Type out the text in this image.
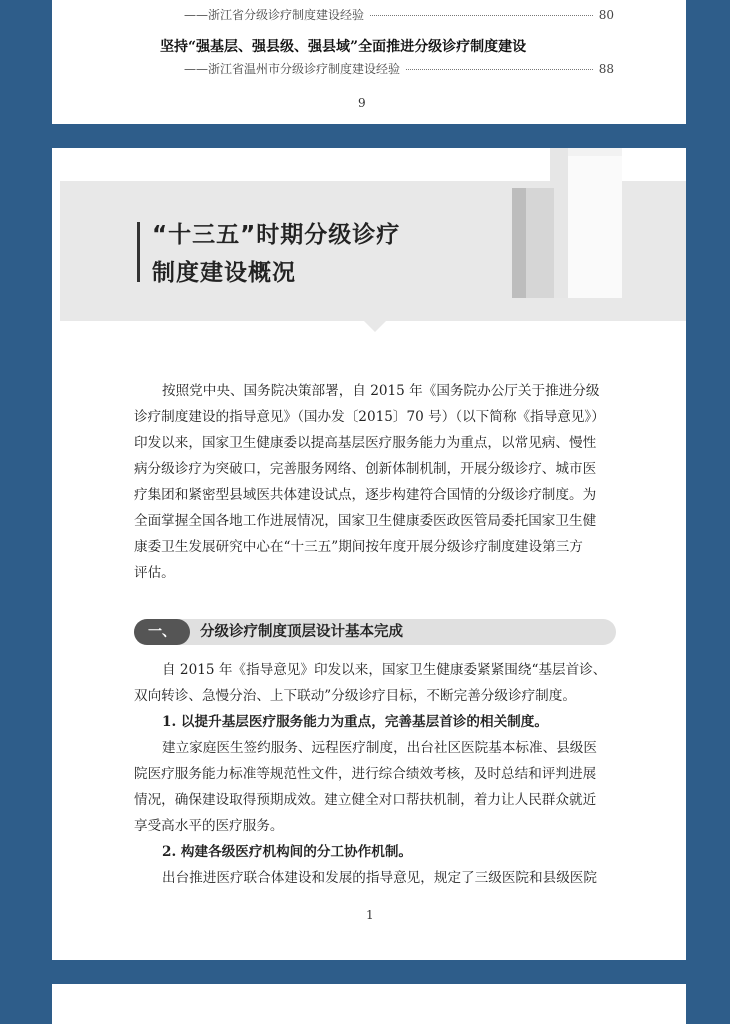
——浙江省分级诊疗制度建设经验	80
坚持“强基层、强县级、强县域”全面推进分级诊疗制度建设
——浙江省温州市分级诊疗制度建设经验	88
9
“十三五”时期分级诊疗
制度建设概况
按照党中央、国务院决策部署，自 2015 年《国务院办公厅关于推进分级
诊疗制度建设的指导意见》（国办发〔2015〕70 号）（以下简称《指导意见》）
印发以来，国家卫生健康委以提高基层医疗服务能力为重点，以常见病、慢性
病分级诊疗为突破口，完善服务网络、创新体制机制，开展分级诊疗、城市医
疗集团和紧密型县域医共体建设试点，逐步构建符合国情的分级诊疗制度。为
全面掌握全国各地工作进展情况，国家卫生健康委医政医管局委托国家卫生健
康委卫生发展研究中心在“十三五”期间按年度开展分级诊疗制度建设第三方
评估。
一、	分级诊疗制度顶层设计基本完成
自 2015 年《指导意见》印发以来，国家卫生健康委紧紧围绕“基层首诊、
双向转诊、急慢分治、上下联动”分级诊疗目标，不断完善分级诊疗制度。
1. 以提升基层医疗服务能力为重点，完善基层首诊的相关制度。
建立家庭医生签约服务、远程医疗制度，出台社区医院基本标准、县级医
院医疗服务能力标准等规范性文件，进行综合绩效考核，及时总结和评判进展
情况，确保建设取得预期成效。建立健全对口帮扶机制，着力让人民群众就近
享受高水平的医疗服务。
2. 构建各级医疗机构间的分工协作机制。
出台推进医疗联合体建设和发展的指导意见，规定了三级医院和县级医院
1
